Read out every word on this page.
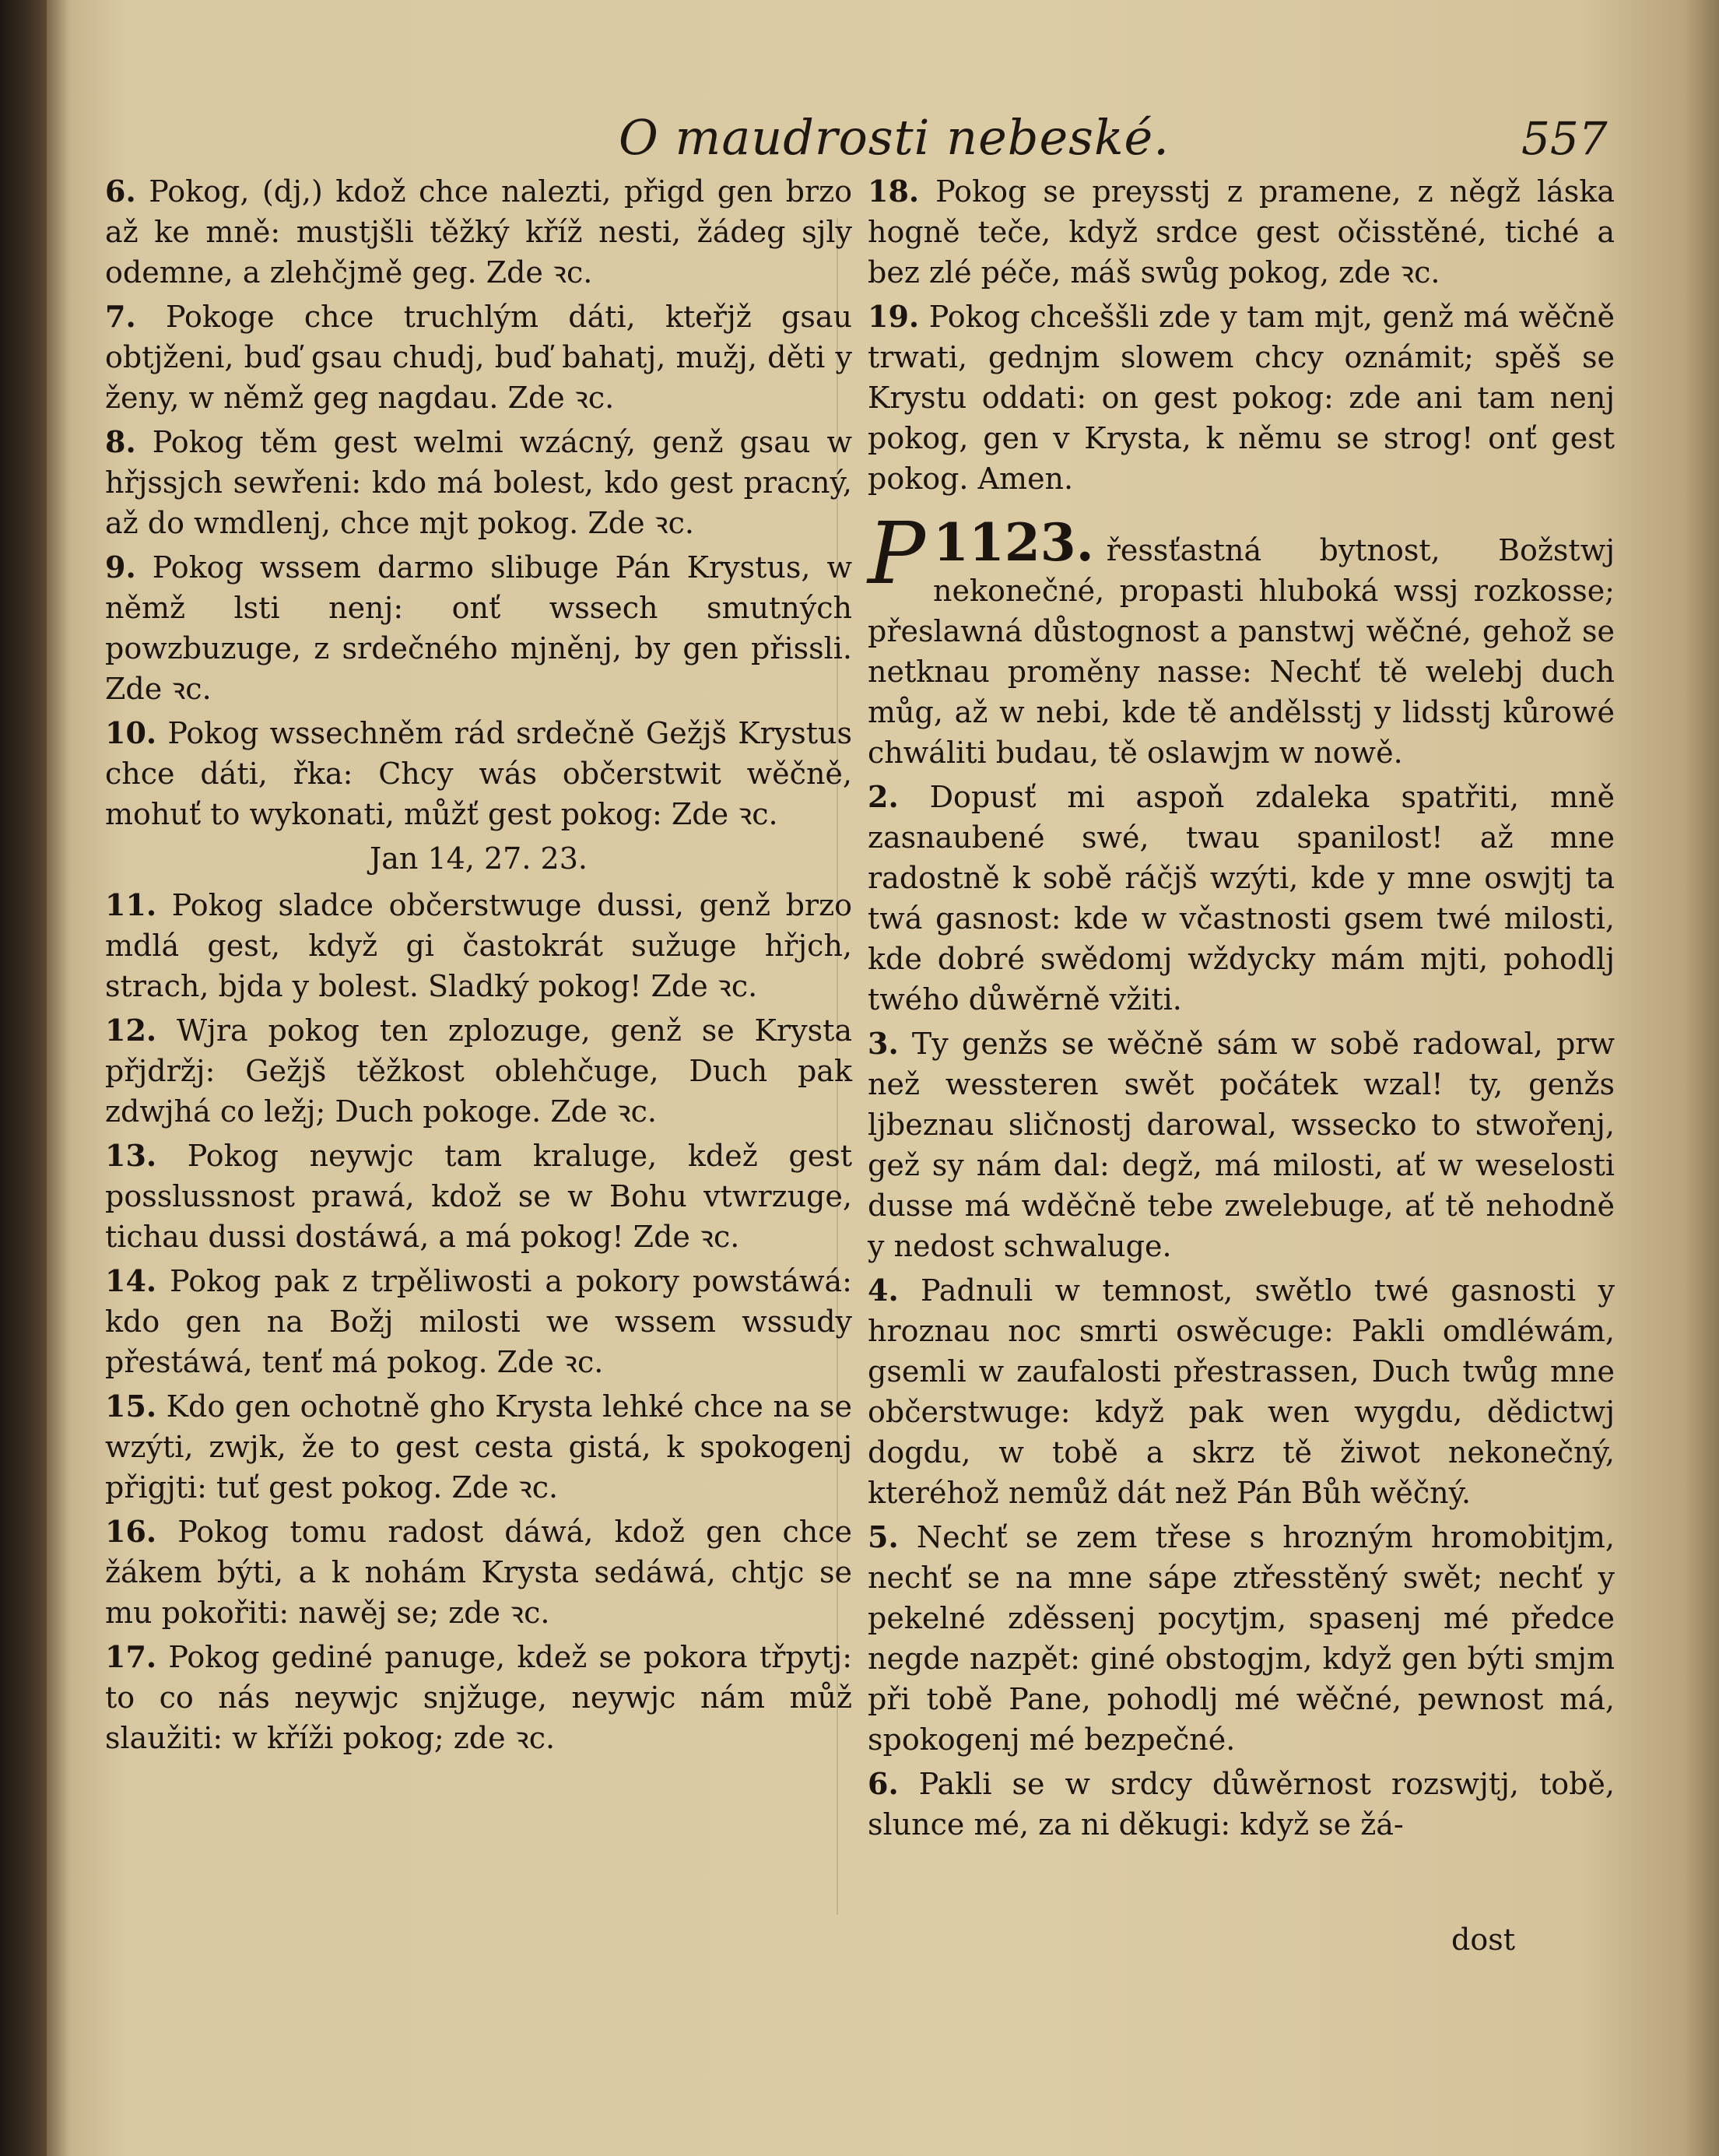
O maudrosti nebeské.	557

6. Pokog, (dj,) kdož chce nalezti, přigd gen brzo až ke mně: mustjšli těžký kříž nesti, žádeg sjly odemne, a zlehčjmě geg. Zde ꝛc.

7. Pokoge chce truchlým dáti, kteřjž gsau obtjženi, buď gsau chudj, buď bahatj, mužj, děti y ženy, w němž geg nagdau. Zde ꝛc.

8. Pokog těm gest welmi wzácný, genž gsau w hřjssjch sewřeni: kdo má bolest, kdo gest pracný, až do wmdlenj, chce mjt pokog. Zde ꝛc.

9. Pokog wssem darmo slibuge Pán Krystus, w němž lsti nenj: onť wssech smutných powzbuzuge, z srdečného mjněnj, by gen přissli. Zde ꝛc.

10. Pokog wssechněm rád srdečně Gežjš Krystus chce dáti, řka: Chcy wás občerstwit wěčně, mohuť to wykonati, můžť gest pokog: Zde ꝛc.

Jan 14, 27. 23.

11. Pokog sladce občerstwuge dussi, genž brzo mdlá gest, když gi častokrát sužuge hřjch, strach, bjda y bolest. Sladký pokog! Zde ꝛc.

12. Wjra pokog ten zplozuge, genž se Krysta přjdržj: Gežjš těžkost oblehčuge, Duch pak zdwjhá co ležj; Duch pokoge. Zde ꝛc.

13. Pokog neywjc tam kraluge, kdež gest posslussnost prawá, kdož se w Bohu vtwrzuge, tichau dussi dostáwá, a má pokog! Zde ꝛc.

14. Pokog pak z trpěliwosti a pokory powstáwá: kdo gen na Božj milosti we wssem wssudy přestáwá, tenť má pokog. Zde ꝛc.

15. Kdo gen ochotně gho Krysta lehké chce na se wzýti, zwjk, že to gest cesta gistá, k spokogenj přigjti: tuť gest pokog. Zde ꝛc.

16. Pokog tomu radost dáwá, kdož gen chce žákem býti, a k nohám Krysta sedáwá, chtjc se mu pokořiti: nawěj se; zde ꝛc.

17. Pokog gediné panuge, kdež se pokora třpytj: to co nás neywjc snjžuge, neywjc nám můž slaužiti: w kříži pokog; zde ꝛc.

18. Pokog se preysstj z pramene, z něgž láska hogně teče, když srdce gest očisstěné, tiché a bez zlé péče, máš swůg pokog, zde ꝛc.

19. Pokog chceššli zde y tam mjt, genž má wěčně trwati, gednjm slowem chcy oznámit; spěš se Krystu oddati: on gest pokog: zde ani tam nenj pokog, gen v Krysta, k němu se strog! onť gest pokog. Amen.

1123.
P	řessťastná bytnost, Božstwj nekonečné, propasti hluboká wssj rozkosse; přeslawná důstognost a panstwj wěčné, gehož se netknau proměny nasse: Nechť tě welebj duch můg, až w nebi, kde tě andělsstj y lidsstj kůrowé chwáliti budau, tě oslawjm w nowě.

2. Dopusť mi aspoň zdaleka spatřiti, mně zasnaubené swé, twau spanilost! až mne radostně k sobě ráčjš wzýti, kde y mne oswjtj ta twá gasnost: kde w včastnosti gsem twé milosti, kde dobré swědomj wždycky mám mjti, pohodlj twého důwěrně vžiti.

3. Ty genžs se wěčně sám w sobě radowal, prw než wessteren swět počátek wzal! ty, genžs ljbeznau sličnostj darowal, wsseckо to stwořenj, gež sy nám dal: degž, má milosti, ať w weselosti dusse má wděčně tebe zwelebuge, ať tě nehodně y nedost schwaluge.

4. Padnuli w temnost, swětlo twé gasnosti y hroznau noc smrti oswěcuge: Pakli omdléwám, gsemli w zaufalosti přestrassen, Duch twůg mne občerstwuge: když pak wen wygdu, dědictwj dogdu, w tobě a skrz tě žiwot nekonečný, kteréhož nemůž dát než Pán Bůh wěčný.

5. Nechť se zem třese s hrozným hromobitjm, nechť se na mne sápe ztřesstěný swět; nechť y pekelné zděssenj pocytjm, spasenj mé předce negde nazpět: giné obstogjm, když gen býti smjm při tobě Pane, pohodlj mé wěčné, pewnost má, spokogenj mé bezpečné.

6. Pakli se w srdcy důwěrnost rozswjtj, tobě, slunce mé, za ni děkugi: když se žá-

dost
